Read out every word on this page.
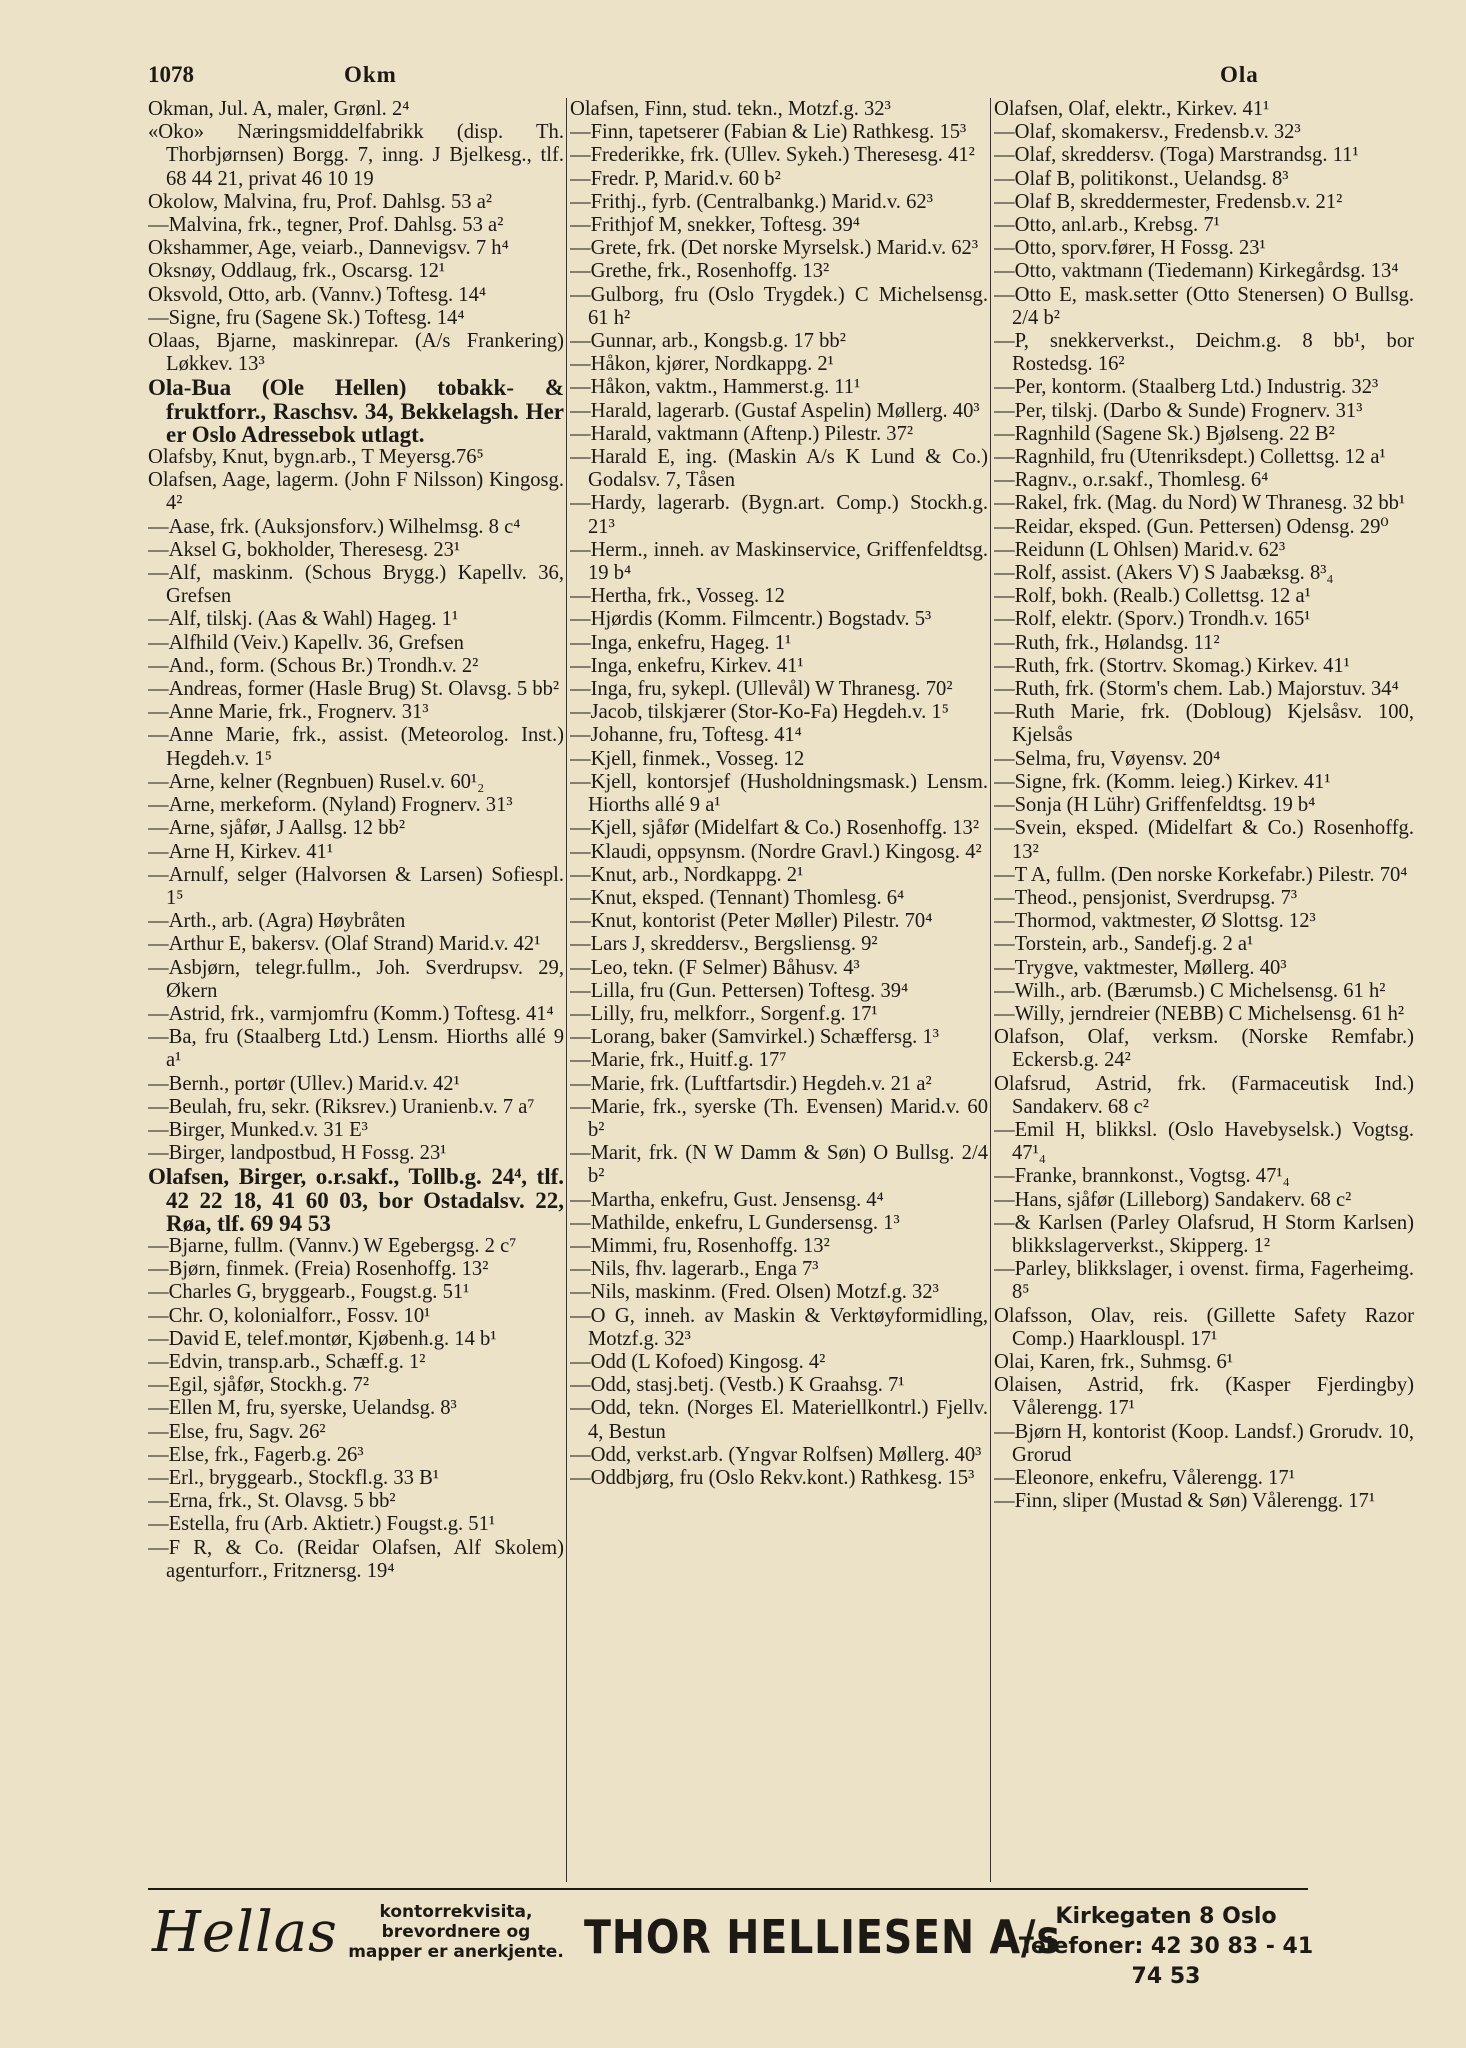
1078	Okm	Ola

Okman, Jul. A, maler, Grønl. 2⁴

«Oko» Næringsmiddelfabrikk (disp. Th. Thorbjørnsen) Borgg. 7, inng. J Bjelkesg., tlf. 68 44 21, privat 46 10 19

Okolow, Malvina, fru, Prof. Dahlsg. 53 a²

—Malvina, frk., tegner, Prof. Dahlsg. 53 a²

Okshammer, Age, veiarb., Dannevigsv. 7 h⁴

Oksnøy, Oddlaug, frk., Oscarsg. 12¹

Oksvold, Otto, arb. (Vannv.) Toftesg. 14⁴

—Signe, fru (Sagene Sk.) Toftesg. 14⁴

Olaas, Bjarne, maskinrepar. (A/s Frankering) Løkkev. 13³

Ola-Bua (Ole Hellen) tobakk- & fruktforr., Raschsv. 34, Bekkelagsh. Her er Oslo Adressebok utlagt.

Olafsby, Knut, bygn.arb., T Meyersg.76⁵

Olafsen, Aage, lagerm. (John F Nilsson) Kingosg. 4²

—Aase, frk. (Auksjonsforv.) Wilhelmsg. 8 c⁴

—Aksel G, bokholder, Theresesg. 23¹

—Alf, maskinm. (Schous Brygg.) Kapellv. 36, Grefsen

—Alf, tilskj. (Aas & Wahl) Hageg. 1¹

—Alfhild (Veiv.) Kapellv. 36, Grefsen

—And., form. (Schous Br.) Trondh.v. 2²

—Andreas, former (Hasle Brug) St. Olavsg. 5 bb²

—Anne Marie, frk., Frognerv. 31³

—Anne Marie, frk., assist. (Meteorolog. Inst.) Hegdeh.v. 1⁵

—Arne, kelner (Regnbuen) Rusel.v. 60¹₂

—Arne, merkeform. (Nyland) Frognerv. 31³

—Arne, sjåfør, J Aallsg. 12 bb²

—Arne H, Kirkev. 41¹

—Arnulf, selger (Halvorsen & Larsen) Sofiespl. 1⁵

—Arth., arb. (Agra) Høybråten

—Arthur E, bakersv. (Olaf Strand) Marid.v. 42¹

—Asbjørn, telegr.fullm., Joh. Sverdrupsv. 29, Økern

—Astrid, frk., varmjomfru (Komm.) Toftesg. 41⁴

—Ba, fru (Staalberg Ltd.) Lensm. Hiorths allé 9 a¹

—Bernh., portør (Ullev.) Marid.v. 42¹

—Beulah, fru, sekr. (Riksrev.) Uranienb.v. 7 a⁷

—Birger, Munked.v. 31 E³

—Birger, landpostbud, H Fossg. 23¹

Olafsen, Birger, o.r.sakf., Tollb.g. 24⁴, tlf. 42 22 18, 41 60 03, bor Ostadalsv. 22, Røa, tlf. 69 94 53

—Bjarne, fullm. (Vannv.) W Egebergsg. 2 c⁷

—Bjørn, finmek. (Freia) Rosenhoffg. 13²

—Charles G, bryggearb., Fougst.g. 51¹

—Chr. O, kolonialforr., Fossv. 10¹

—David E, telef.montør, Kjøbenh.g. 14 b¹

—Edvin, transp.arb., Schæff.g. 1²

—Egil, sjåfør, Stockh.g. 7²

—Ellen M, fru, syerske, Uelandsg. 8³

—Else, fru, Sagv. 26²

—Else, frk., Fagerb.g. 26³

—Erl., bryggearb., Stockfl.g. 33 B¹

—Erna, frk., St. Olavsg. 5 bb²

—Estella, fru (Arb. Aktietr.) Fougst.g. 51¹

—F R, & Co. (Reidar Olafsen, Alf Skolem) agenturforr., Fritznersg. 19⁴

Olafsen, Finn, stud. tekn., Motzf.g. 32³

—Finn, tapetserer (Fabian & Lie) Rathkesg. 15³

—Frederikke, frk. (Ullev. Sykeh.) Theresesg. 41²

—Fredr. P, Marid.v. 60 b²

—Frithj., fyrb. (Centralbankg.) Marid.v. 62³

—Frithjof M, snekker, Toftesg. 39⁴

—Grete, frk. (Det norske Myrselsk.) Marid.v. 62³

—Grethe, frk., Rosenhoffg. 13²

—Gulborg, fru (Oslo Trygdek.) C Michelsensg. 61 h²

—Gunnar, arb., Kongsb.g. 17 bb²

—Håkon, kjører, Nordkappg. 2¹

—Håkon, vaktm., Hammerst.g. 11¹

—Harald, lagerarb. (Gustaf Aspelin) Møllerg. 40³

—Harald, vaktmann (Aftenp.) Pilestr. 37²

—Harald E, ing. (Maskin A/s K Lund & Co.) Godalsv. 7, Tåsen

—Hardy, lagerarb. (Bygn.art. Comp.) Stockh.g. 21³

—Herm., inneh. av Maskinservice, Griffenfeldtsg. 19 b⁴

—Hertha, frk., Vosseg. 12

—Hjørdis (Komm. Filmcentr.) Bogstadv. 5³

—Inga, enkefru, Hageg. 1¹

—Inga, enkefru, Kirkev. 41¹

—Inga, fru, sykepl. (Ullevål) W Thranesg. 70²

—Jacob, tilskjærer (Stor-Ko-Fa) Hegdeh.v. 1⁵

—Johanne, fru, Toftesg. 41⁴

—Kjell, finmek., Vosseg. 12

—Kjell, kontorsjef (Husholdningsmask.) Lensm. Hiorths allé 9 a¹

—Kjell, sjåfør (Midelfart & Co.) Rosenhoffg. 13²

—Klaudi, oppsynsm. (Nordre Gravl.) Kingosg. 4²

—Knut, arb., Nordkappg. 2¹

—Knut, eksped. (Tennant) Thomlesg. 6⁴

—Knut, kontorist (Peter Møller) Pilestr. 70⁴

—Lars J, skreddersv., Bergsliensg. 9²

—Leo, tekn. (F Selmer) Båhusv. 4³

—Lilla, fru (Gun. Pettersen) Toftesg. 39⁴

—Lilly, fru, melkforr., Sorgenf.g. 17¹

—Lorang, baker (Samvirkel.) Schæffersg. 1³

—Marie, frk., Huitf.g. 17⁷

—Marie, frk. (Luftfartsdir.) Hegdeh.v. 21 a²

—Marie, frk., syerske (Th. Evensen) Marid.v. 60 b²

—Marit, frk. (N W Damm & Søn) O Bullsg. 2/4 b²

—Martha, enkefru, Gust. Jensensg. 4⁴

—Mathilde, enkefru, L Gundersensg. 1³

—Mimmi, fru, Rosenhoffg. 13²

—Nils, fhv. lagerarb., Enga 7³

—Nils, maskinm. (Fred. Olsen) Motzf.g. 32³

—O G, inneh. av Maskin & Verktøyformidling, Motzf.g. 32³

—Odd (L Kofoed) Kingosg. 4²

—Odd, stasj.betj. (Vestb.) K Graahsg. 7¹

—Odd, tekn. (Norges El. Materiellkontrl.) Fjellv. 4, Bestun

—Odd, verkst.arb. (Yngvar Rolfsen) Møllerg. 40³

—Oddbjørg, fru (Oslo Rekv.kont.) Rathkesg. 15³

Olafsen, Olaf, elektr., Kirkev. 41¹

—Olaf, skomakersv., Fredensb.v. 32³

—Olaf, skreddersv. (Toga) Marstrandsg. 11¹

—Olaf B, politikonst., Uelandsg. 8³

—Olaf B, skreddermester, Fredensb.v. 21²

—Otto, anl.arb., Krebsg. 7¹

—Otto, sporv.fører, H Fossg. 23¹

—Otto, vaktmann (Tiedemann) Kirkegårdsg. 13⁴

—Otto E, mask.setter (Otto Stenersen) O Bullsg. 2/4 b²

—P, snekkerverkst., Deichm.g. 8 bb¹, bor Rostedsg. 16²

—Per, kontorm. (Staalberg Ltd.) Industrig. 32³

—Per, tilskj. (Darbo & Sunde) Frognerv. 31³

—Ragnhild (Sagene Sk.) Bjølseng. 22 B²

—Ragnhild, fru (Utenriksdept.) Collettsg. 12 a¹

—Ragnv., o.r.sakf., Thomlesg. 6⁴

—Rakel, frk. (Mag. du Nord) W Thranesg. 32 bb¹

—Reidar, eksped. (Gun. Pettersen) Odensg. 29⁰

—Reidunn (L Ohlsen) Marid.v. 62³

—Rolf, assist. (Akers V) S Jaabæksg. 8³₄

—Rolf, bokh. (Realb.) Collettsg. 12 a¹

—Rolf, elektr. (Sporv.) Trondh.v. 165¹

—Ruth, frk., Hølandsg. 11²

—Ruth, frk. (Stortrv. Skomag.) Kirkev. 41¹

—Ruth, frk. (Storm's chem. Lab.) Majorstuv. 34⁴

—Ruth Marie, frk. (Dobloug) Kjelsåsv. 100, Kjelsås

—Selma, fru, Vøyensv. 20⁴

—Signe, frk. (Komm. leieg.) Kirkev. 41¹

—Sonja (H Lühr) Griffenfeldtsg. 19 b⁴

—Svein, eksped. (Midelfart & Co.) Rosenhoffg. 13²

—T A, fullm. (Den norske Korkefabr.) Pilestr. 70⁴

—Theod., pensjonist, Sverdrupsg. 7³

—Thormod, vaktmester, Ø Slottsg. 12³

—Torstein, arb., Sandefj.g. 2 a¹

—Trygve, vaktmester, Møllerg. 40³

—Wilh., arb. (Bærumsb.) C Michelsensg. 61 h²

—Willy, jerndreier (NEBB) C Michelsensg. 61 h²

Olafson, Olaf, verksm. (Norske Remfabr.) Eckersb.g. 24²

Olafsrud, Astrid, frk. (Farmaceutisk Ind.) Sandakerv. 68 c²

—Emil H, blikksl. (Oslo Havebyselsk.) Vogtsg. 47¹₄

—Franke, brannkonst., Vogtsg. 47¹₄

—Hans, sjåfør (Lilleborg) Sandakerv. 68 c²

—& Karlsen (Parley Olafsrud, H Storm Karlsen) blikkslagerverkst., Skipperg. 1²

—Parley, blikkslager, i ovenst. firma, Fagerheimg. 8⁵

Olafsson, Olav, reis. (Gillette Safety Razor Comp.) Haarklouspl. 17¹

Olai, Karen, frk., Suhmsg. 6¹

Olaisen, Astrid, frk. (Kasper Fjerdingby) Vålerengg. 17¹

—Bjørn H, kontorist (Koop. Landsf.) Grorudv. 10, Grorud

—Eleonore, enkefru, Vålerengg. 17¹

—Finn, sliper (Mustad & Søn) Vålerengg. 17¹

Hellas	kontorrekvisita, brevordnere og mapper er anerkjente. THOR HELLIESEN A/s
Kirkegaten 8 Oslo
Telefoner: 42 30 83 - 41 74 53
